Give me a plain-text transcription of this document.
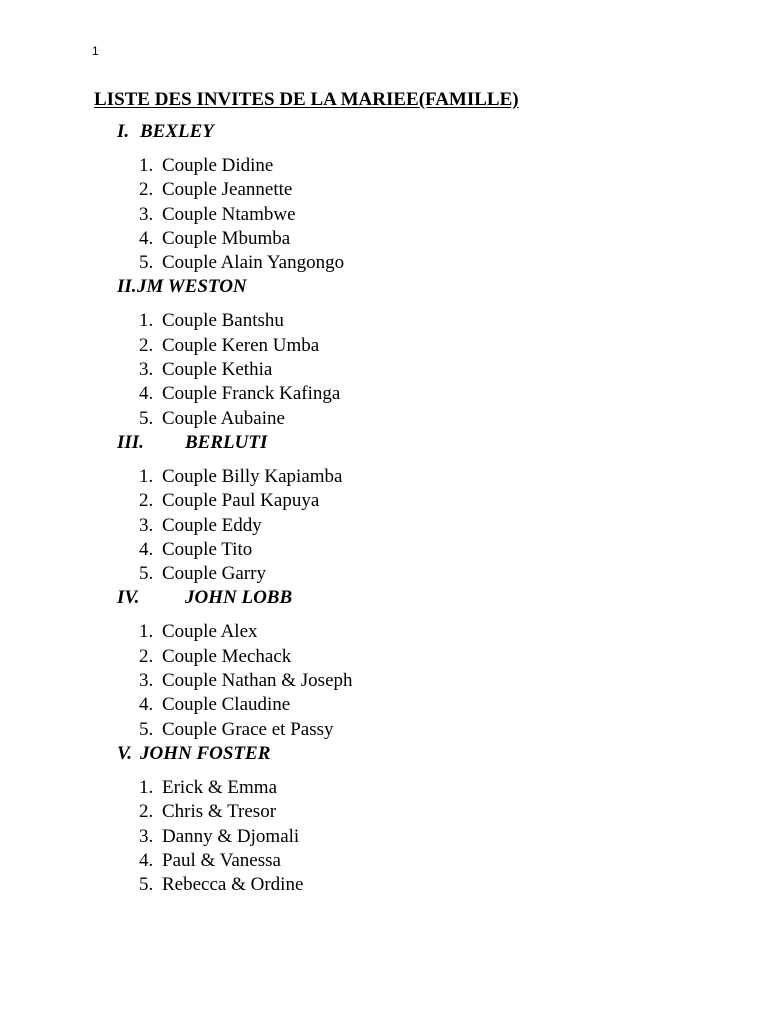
1
LISTE DES INVITES DE LA MARIEE(FAMILLE)
I. BEXLEY
1. Couple Didine
2. Couple Jeannette
3. Couple Ntambwe
4. Couple Mbumba
5. Couple Alain Yangongo
II. JM WESTON
1. Couple Bantshu
2. Couple Keren Umba
3. Couple Kethia
4. Couple Franck Kafinga
5. Couple Aubaine
III. BERLUTI
1. Couple Billy Kapiamba
2. Couple Paul Kapuya
3. Couple Eddy
4. Couple Tito
5. Couple Garry
IV. JOHN LOBB
1. Couple Alex
2. Couple Mechack
3. Couple Nathan & Joseph
4. Couple Claudine
5. Couple Grace et Passy
V. JOHN FOSTER
1. Erick & Emma
2. Chris & Tresor
3. Danny & Djomali
4. Paul & Vanessa
5. Rebecca & Ordine
